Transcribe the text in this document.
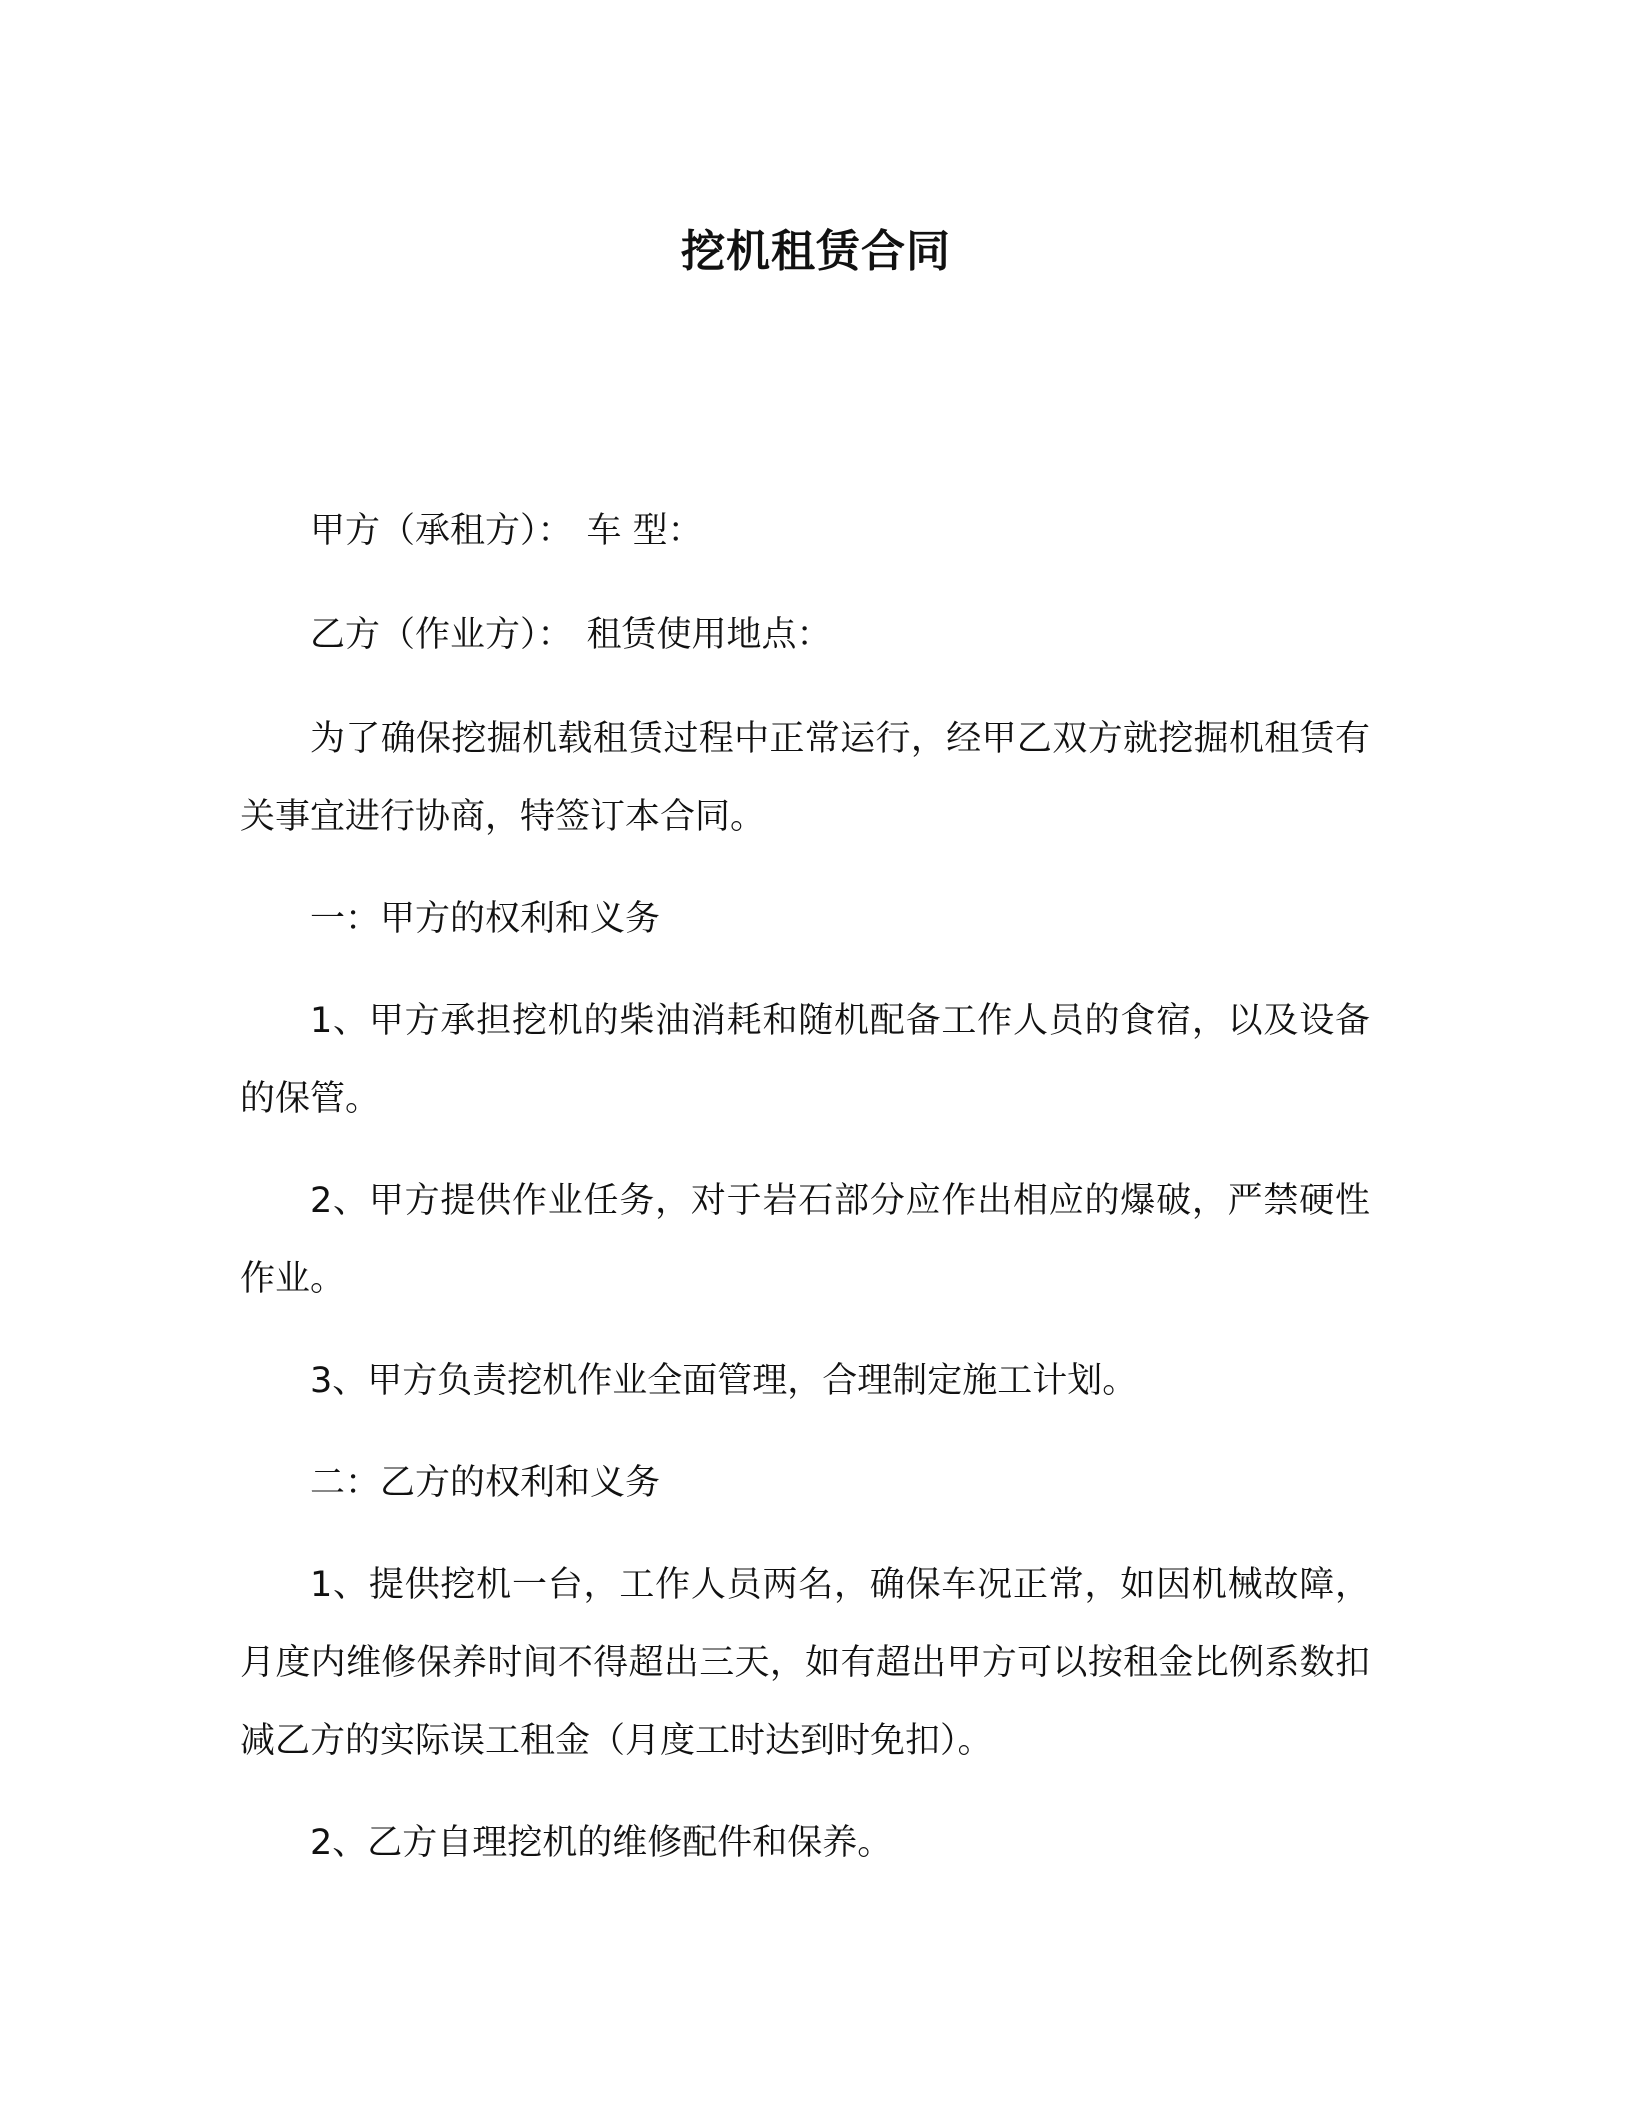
挖机租赁合同

甲方（承租方）： 车 型：

乙方（作业方）： 租赁使用地点：

为了确保挖掘机载租赁过程中正常运行，经甲乙双方就挖掘机租赁有关事宜进行协商，特签订本合同。

一：甲方的权利和义务

1、甲方承担挖机的柴油消耗和随机配备工作人员的食宿，以及设备的保管。

2、甲方提供作业任务，对于岩石部分应作出相应的爆破，严禁硬性作业。

3、甲方负责挖机作业全面管理，合理制定施工计划。

二：乙方的权利和义务

1、提供挖机一台，工作人员两名，确保车况正常，如因机械故障，月度内维修保养时间不得超出三天，如有超出甲方可以按租金比例系数扣减乙方的实际误工租金（月度工时达到时免扣）。

2、乙方自理挖机的维修配件和保养。
